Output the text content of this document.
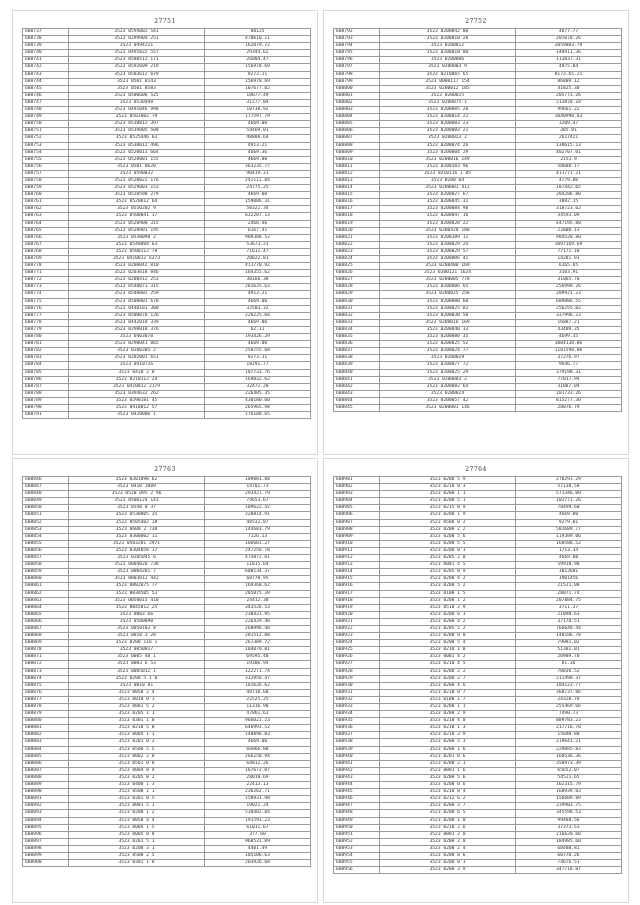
27751
608737	3523 0594002 541	80125
608738	3523 0299904 251	470610.11
608739	3523 0494211	162079.72
608740	3523 0495822 557	29344.62
608741	3523 0580512 171	26004.47
608742	3523 0592609 219	156978.69
608743	3523 0503612 679	8273.11
608744	3523 0501 8143	156970.69
608745	3523 0501 8583	107677.02
608746	3523 0500606 525	18677.49
608747	3523 0530498	31277.04
608748	3523 0491046 998	10730.92
608749	3523 0501002 79	177597.79
608750	3523 0530012 397	4669.00
608751	3523 0539005 500	54469.01
608752	3523 0525446 63	40808.64
608753	3523 0530012 496	4913.21
608754	3523 0520013 664	4669.36
608755	3523 0528001 155	4669.00
608756	3523 0501 0620	363235.77
608757	3523 0590032	90419.31
608758	3523 0520022 176	242111.84
608759	3523 0529003 153	24775.25
608760	3523 0520590 279	4669.00
608761	3523 0520012 64	159086.31
608762	3523 0550202 9	58321.34
608763	3523 0500041 17	632287.13
608764	3523 0520900 315	2460.46
608765	3523 0520901 195	6167.41
608766	3523 0530090 2	909388.52
608767	3523 0540004 63	53673.23
608768	3523 0500112 78	71611.47
608769	3523 0410012 6273	20822.81
608770	3523 0200042 810	411770.92
608771	3523 0203018 846	164355.62
608772	3523 0200412 253	30166.38
608773	3523 0540071 315	281625.63
608774	3523 0540002 259	4913.21
608775	3523 0500001 670	4669.00
608776	3523 0440101 300	32503.32
608777	3523 0500070 126	226225.68
608778	3523 0442010 339	4669.00
608779	3523 0290010 376	62.31
608780	3523 0403078	193426.29
608781	3523 0290041 865	4669.00
608782	3523 0200305 2	250755.68
608783	3523 0202001 651	8273.11
608784	3523 0410726	18291.77
608785	3523 0410 2 0	107733.76
608786	3523 0210112 24	169032.62
608787	3523 0410012 2179	32472.20
608788	3523 0394632 262	226485.35
608789	3523 0390181 45	430180.60
608790	3523 0410012 57	265965.98
608791	3523 0420006 1	176188.65
27752
608792	3523 0200042 80	4877.77
608793	3523 0200010 28	207070.26
608794	3523 0200012	2059803.79
608795	3523 0200010 80	140911.36
608796	3523 0200006	113837.31
608797	3523 0200003 9	4875.04
608798	3523 0210065 65	8173.65.21
608799	3523 0000117 154	86809.12
608800	3523 0200012 185	41825.30
608801	3523 0200015	205773.26
608802	3523 0200075 1	213878.18
608803	3523 0200005 28	99661.22
608804	3523 0200014 22	1040990.83
608805	3523 0200003 23	3209.47
608806	3523 0200003 21	385.81
608807	3523 0200023 2	2617421
608808	3523 0200074 26	130615.13
608809	3523 0200004 29	402707.01
608810	3523 0200016 149	2153.9
608811	3523 0200103 96	58688.17
608812	3523 0210116 1 85	411771.21
608813	3523 0200 04	4779.86
608814	3523 0200001 412	187442.65
608815	3523 0200027 67	204286.80
608816	3523 0200045 31	3092.15
608817	3523 0200084 90	318723.62
608818	3523 0200047 16	34593.09
608819	3523 0200028 22	447195.80
608820	3523 0200428 188	22808.13
608821	3523 0200109 12	984520.80
608822	3523 0200029 24	1097169.69
608823	3523 0200029 57	77171.10
608824	3523 0200006 41	14281.93
608825	3523 0200400 169	6165.65
608826	3523 0200121 1624	3103.91
608827	3523 0200005 778	31065.70
608828	3523 0200086 65	256998.26
608829	3523 0200025 258	209921.23
608830	3523 0200000 68	609886.55
608831	3523 0200025 82	256255.02
608832	3523 0200030 50	337996.23
608833	3523 0200016 169	16887.21
608834	3523 0200040 33	43409.35
608835	3523 0200080 35	4699.35
608836	3523 0200025 52	1004138.86
608837	3523 0200024 77	1181598.86
608838	3523 0200029	37276.97
608839	3523 0200077 72	9646.77
608840	3523 0200025 29	379198.31
608841	3523 0200003 2	77017.94
608842	3523 0200082 64	31087.04
608843	3523 0200024	101733.26
608844	3523 0200057 42	815277.30
608845	3523 0200001 146	28076.79
27763
608846	3523 0301090 62	109081.08
608847	3523 0410 1089	14701.73
608848	3523 0520 095 2 96	293421.79
608849	3523 0500124 143	74653.67
608850	3523 0540 0 37	109622.42
608851	3523 0530005 35	320814.91
608852	3523 0505402 18	40531.87
608853	3523 0600 2 738	144683.79
608854	3523 0300002 11	7126.13
608855	3523 0503201 2971	106601.27
608856	3523 0304058 17	247256.78
608857	3523 0205045 6	475872.61
608858	3523 0004020 738	11815.64
608859	3523 0004201 7	600134.37
608860	3523 0003012 442	60770.95
608861	3523 0002075 77	169360.62
608862	3523 0030505 53	285075.39
608863	3523 0050015 410	24412.30
608864	3523 0045012 25	343526.53
608865	3523 0003 66	230421.95
608866	3523 0500090	226429.48
608867	3523 0050103 8	260996.48
608868	3523 0010 3 28	281512.88
608869	3523 0200 116 1	267309.72
608870	3523 0050017	104079.01
608871	3523 0005 48 1	69595.40
608872	3523 0003 6 53	19306.94
608873	3523 0005012 1	122271.74
608874	3523 0200 5 1 0	312956.47
608875	3523 0010 81	181626.62
608876	3523 0050 2 4	49718.60
608877	3523 0010 0 1	22525.25
608878	3523 0001 5 2	11316.90
608879	3523 0205 1 1	47861.61
608880	3523 0301 1 0	966021.23
608881	3523 0210 5 0	646993.52
608882	3523 0004 1 1	148896.03
608883	3523 0201 0 2	4669.00
608884	3523 0500 5 5	66866.00
608885	3523 0002 2 0	266250.94
608886	3523 0501 0 0	64812.26
608887	3523 0004 0 4	167672.07
608888	3523 0205 0 2	28018.69
608889	3523 0400 1 3	22413.13
608890	3523 0500 1 1	236262.71
608891	3523 0201 0 5	158931.90
608892	3523 0001 5 1	19021.24
608893	3523 0200 1 2	538482.04
608894	3523 0050 4 4	191593.23
608895	3523 0004 1 5	61011.67
608896	3523 0005 0 8	377.60
608897	3523 0201 5 1	968531.09
608898	3523 0200 3 1	4401.49
608899	3523 0500 2 5	105106.63
608900	3523 0301 1 8	203926.68
27764
608901	3523 0200 5 9	270291.29
608902	3523 0210 0 3	57138.58
608903	3523 0200 1 1	571346.09
608904	3523 0200 5 1	102771.26
608905	3523 0215 0 9	78499.60
608906	3523 0200 1 9	4669.00
608907	3523 0500 0 2	9279.01
608908	3523 0200 2 2	501689.77
608909	3523 0200 5 6	119389.06
608910	3523 0200 5 5	168588.52
608911	3523 0200 0 1	1713.34
608912	3523 0205 2 0	4669.08
608913	3523 0001 4 5	59910.90
608914	3523 0205 0 9	3012601
608915	3523 0200 4 2	1901456
608916	3523 0200 5 2	21521.08
608917	3523 0100 1 5	20071.74
608918	3523 0200 1 2	207884.75
608919	3523 0510 2 9	3711.37
608920	3523 0200 6 1	21090.63
608921	3523 0200 4 2	37178.51
608922	3523 0205 5 2	766648.44
608923	3523 0200 0 0	140186.78
608924	3523 0200 5 4	79081.02
608925	3523 0210 1 0	51301.01
608926	3523 0001 4 2	20989.70
608927	3523 0210 4 5	81.36
608928	3523 0200 2 2	70836.52
608929	3523 0200 2 7	211490.37
608930	3523 0200 4 6	104123.77
608931	3523 0210 0 7	368737.86
608932	3523 0100 1 7	24328.70
608933	3523 0200 1 1	255469.66
608934	3523 0200 2 9	7490.73
608935	3523 0210 4 0	889783.23
608936	3523 0210 1 3	217716.70
608937	3523 0210 2 9	15690.80
608938	3523 0200 5 3	219641.21
608939	3523 0200 1 6	229085.82
608940	3523 0201 0 6	168536.36
608941	3523 0200 2 1	358973.39
608942	3523 0001 1 6	65652.07
608943	3523 0200 5 6	54521.65
608944	3523 0200 0 6	162315.79
608945	3523 0210 0 4	168939.03
608946	3523 0212 6 2	156609.89
608947	3523 0200 3 7	239903.75
608948	3523 0200 6 5	345598.53
608949	3523 0200 1 0	99488.56
608950	3523 0210 2 6	37373.53
608951	3523 0001 2 0	216620.60
608952	3523 0200 2 0	104985.60
608953	3523 0200 2 4	68480.81
608954	3523 0200 0 6	60770.26
608955	3523 0200 0 1	74676.51
608956	3523 0200 3 9	347718.07
